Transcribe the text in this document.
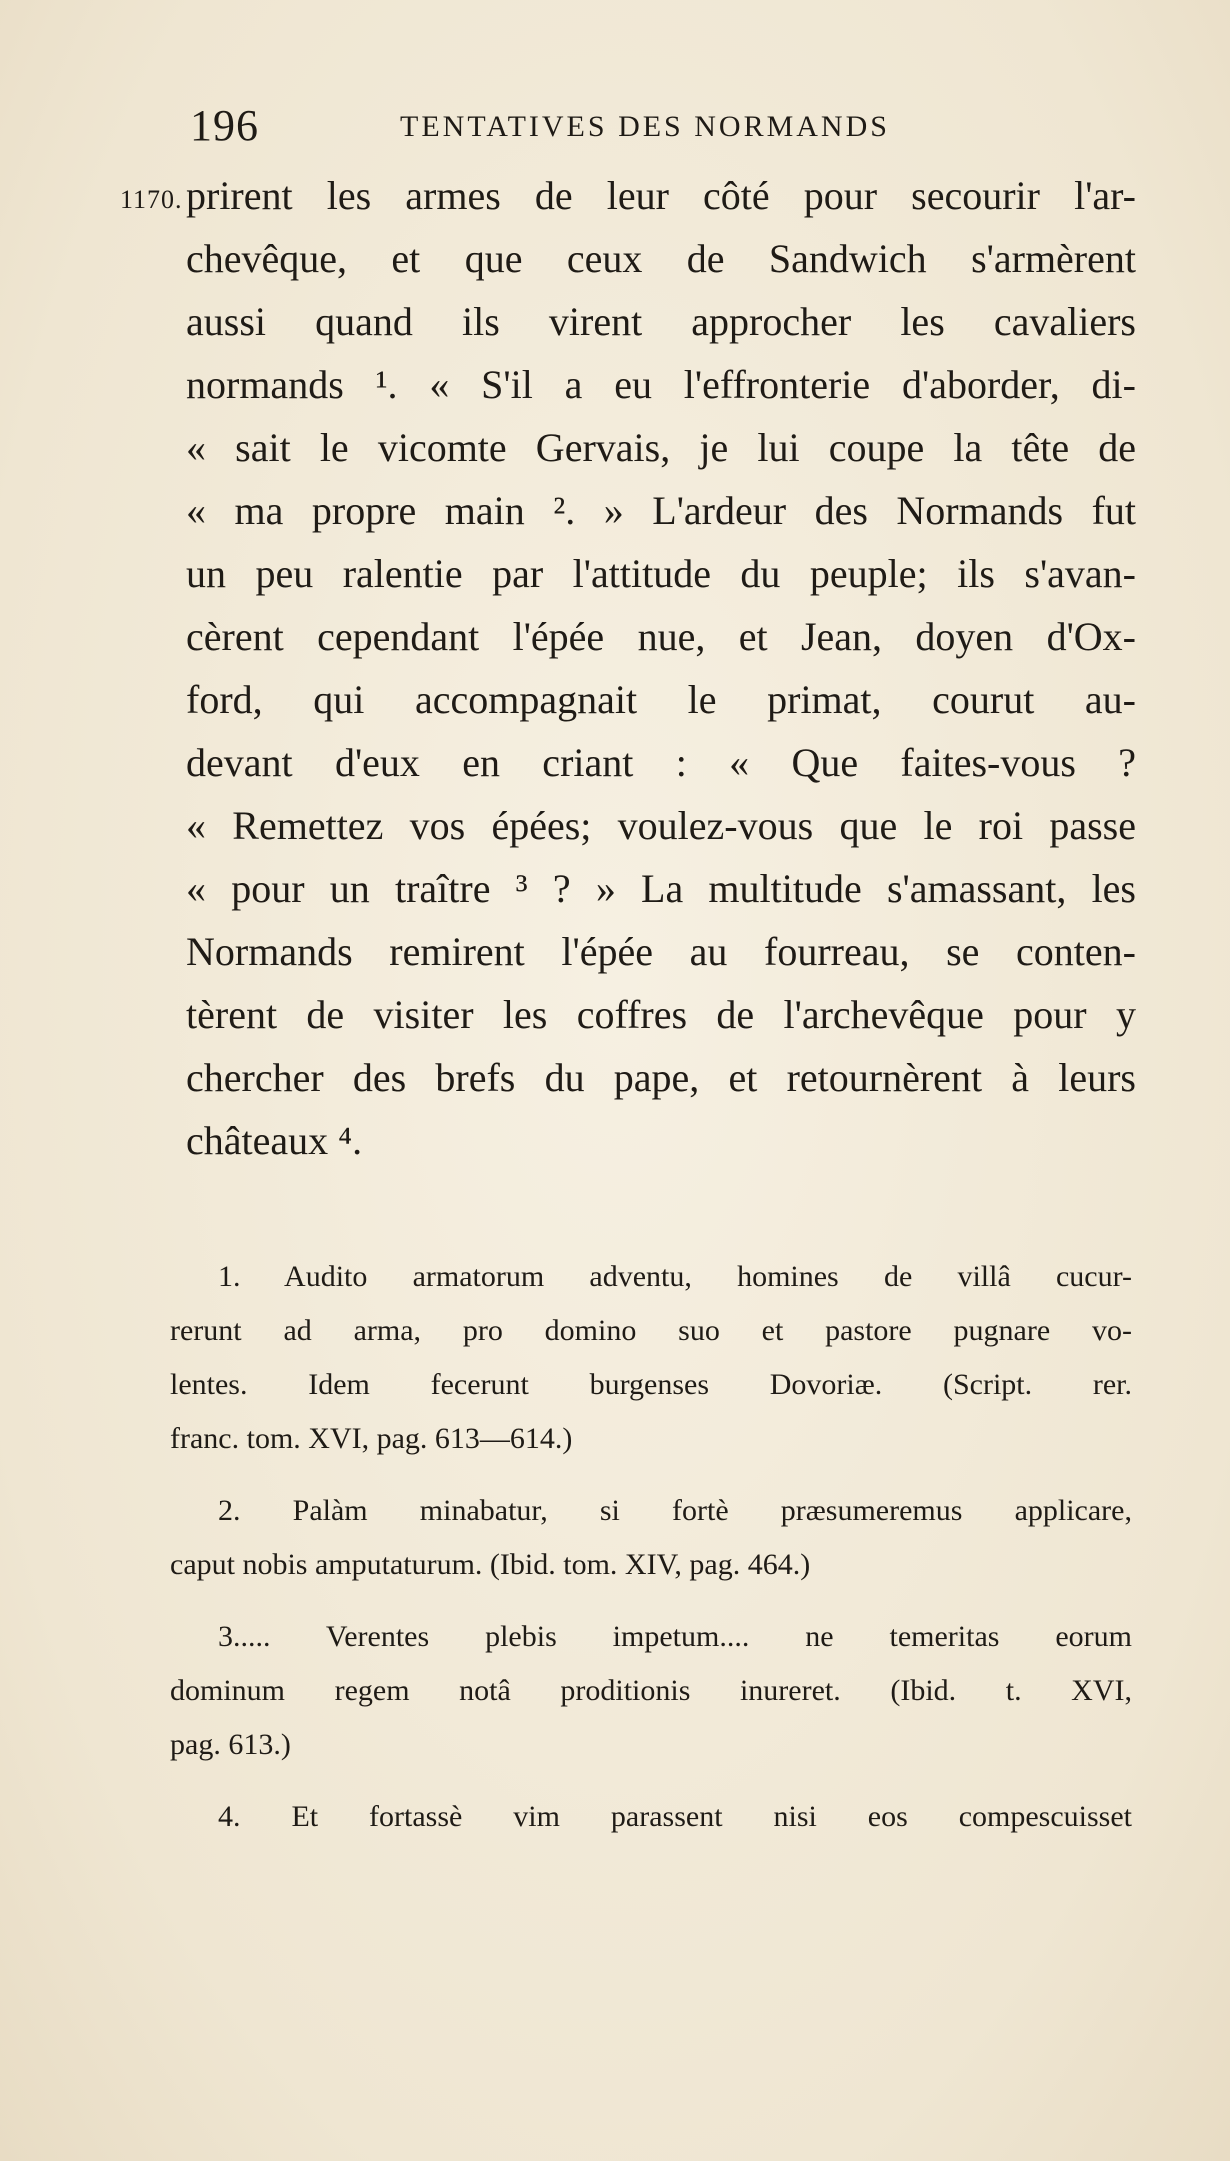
196	TENTATIVES DES NORMANDS
1170. prirent les armes de leur côté pour secourir l'ar-
chevêque, et que ceux de Sandwich s'armèrent
aussi quand ils virent approcher les cavaliers
normands ¹. « S'il a eu l'effronterie d'aborder, di-
« sait le vicomte Gervais, je lui coupe la tête de
« ma propre main ². » L'ardeur des Normands fut
un peu ralentie par l'attitude du peuple; ils s'avan-
cèrent cependant l'épée nue, et Jean, doyen d'Ox-
ford, qui accompagnait le primat, courut au-
devant d'eux en criant : « Que faites-vous ?
« Remettez vos épées; voulez-vous que le roi passe
« pour un traître ³ ? » La multitude s'amassant, les
Normands remirent l'épée au fourreau, se conten-
tèrent de visiter les coffres de l'archevêque pour y
chercher des brefs du pape, et retournèrent à leurs
châteaux ⁴.
1. Audito armatorum adventu, homines de villâ cucur-
rerunt ad arma, pro domino suo et pastore pugnare vo-
lentes. Idem fecerunt burgenses Dovoriæ. (Script. rer.
franc. tom. XVI, pag. 613—614.)
2. Palàm minabatur, si fortè præsumeremus applicare,
caput nobis amputaturum. (Ibid. tom. XIV, pag. 464.)
3..... Verentes plebis impetum.... ne temeritas eorum
dominum regem notâ proditionis inureret. (Ibid. t. XVI,
pag. 613.)
4. Et fortassè vim parassent nisi eos compescuisset
